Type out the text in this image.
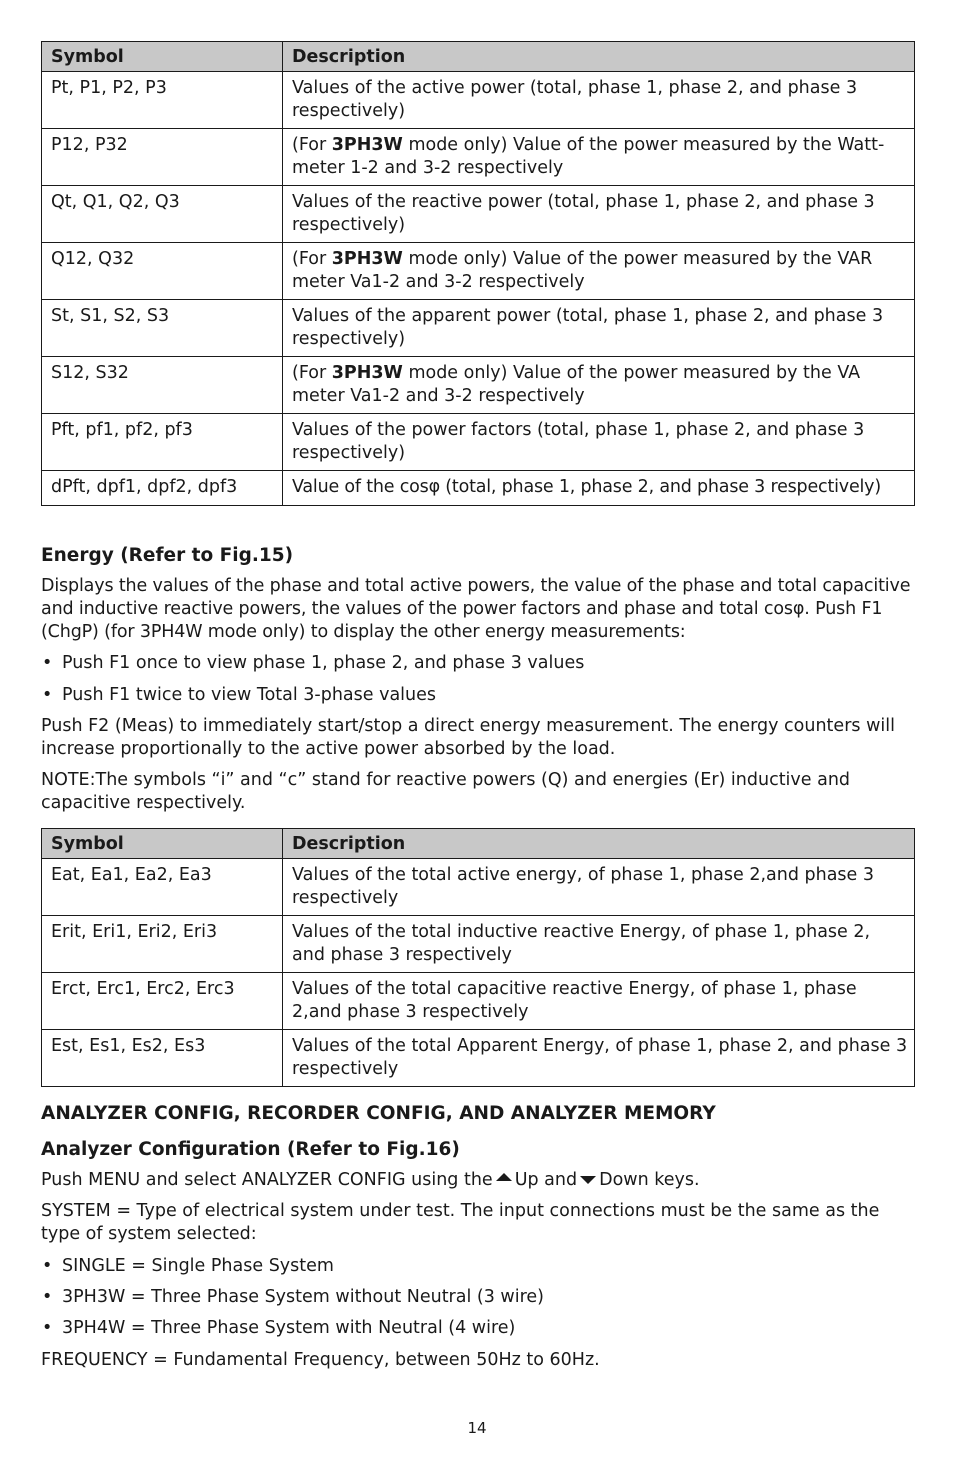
Symbol	Description
Pt, P1, P2, P3	Values of the active power (total, phase 1, phase 2, and phase 3 respectively)
P12, P32	(For 3PH3W mode only) Value of the power measured by the Watt-meter 1-2 and 3-2 respectively
Qt, Q1, Q2, Q3	Values of the reactive power (total, phase 1, phase 2, and phase 3 respectively)
Q12, Q32	(For 3PH3W mode only) Value of the power measured by the VAR meter Va1-2 and 3-2 respectively
St, S1, S2, S3	Values of the apparent power (total, phase 1, phase 2, and phase 3 respectively)
S12, S32	(For 3PH3W mode only) Value of the power measured by the VA meter Va1-2 and 3-2 respectively
Pft, pf1, pf2, pf3	Values of the power factors (total, phase 1, phase 2, and phase 3 respectively)
dPft, dpf1, dpf2, dpf3	Value of the cosφ (total, phase 1, phase 2, and phase 3 respectively)
Energy (Refer to Fig.15)

Displays the values of the phase and total active powers, the value of the phase and total capacitive and inductive reactive powers, the values of the power factors and phase and total cosφ. Push F1 (ChgP) (for 3PH4W mode only) to display the other energy measurements:

• Push F1 once to view phase 1, phase 2, and phase 3 values
• Push F1 twice to view Total 3-phase values

Push F2 (Meas) to immediately start/stop a direct energy measurement. The energy counters will increase proportionally to the active power absorbed by the load.

NOTE:The symbols “i” and “c” stand for reactive powers (Q) and energies (Er) inductive and capacitive respectively.

Symbol	Description
Eat, Ea1, Ea2, Ea3	Values of the total active energy, of phase 1, phase 2,and phase 3 respectively
Erit, Eri1, Eri2, Eri3	Values of the total inductive reactive Energy, of phase 1, phase 2, and phase 3 respectively
Erct, Erc1, Erc2, Erc3	Values of the total capacitive reactive Energy, of phase 1, phase 2,and phase 3 respectively
Est, Es1, Es2, Es3	Values of the total Apparent Energy, of phase 1, phase 2, and phase 3 respectively
ANALYZER CONFIG, RECORDER CONFIG, AND ANALYZER MEMORY
Analyzer Configuration (Refer to Fig.16)

Push MENU and select ANALYZER CONFIG using the Up and Down keys.

SYSTEM = Type of electrical system under test. The input connections must be the same as the type of system selected:

• SINGLE = Single Phase System
• 3PH3W = Three Phase System without Neutral (3 wire)
• 3PH4W = Three Phase System with Neutral (4 wire)

FREQUENCY = Fundamental Frequency, between 50Hz to 60Hz.

14
